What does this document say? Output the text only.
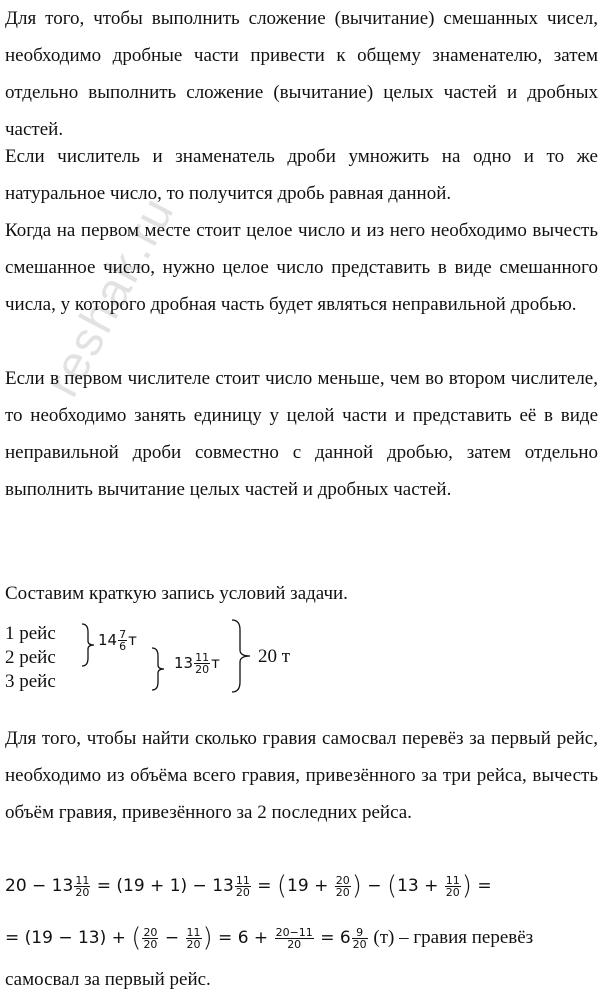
reshak.ru

Для того, чтобы выполнить сложение (вычитание) смешанных чисел, необходимо дробные части привести к общему знаменателю, затем отдельно выполнить сложение (вычитание) целых частей и дробных частей.

Если числитель и знаменатель дроби умножить на одно и то же натуральное число, то получится дробь равная данной.

Когда на первом месте стоит целое число и из него необходимо вычесть смешанное число, нужно целое число представить в виде смешанного числа, у которого дробная часть будет являться неправильной дробью.

Если в первом числителе стоит число меньше, чем во втором числителе, то необходимо занять единицу у целой части и представить её в виде неправильной дроби совместно с данной дробью, затем отдельно выполнить вычитание целых частей и дробных частей.

Составим краткую запись условий задачи.

1 рейс
2 рейс
3 рейс
$14 \frac{7}{6}$ т
$13 \frac{11}{20}$ т 20 т

Для того, чтобы найти сколько гравия самосвал перевёз за первый рейс, необходимо из объёма всего гравия, привезённого за три рейса, вычесть объём гравия, привезённого за 2 последних рейса.

$20 - 13 \frac{11}{20} = (19 + 1) - 13 \frac{11}{20} = (19 + \frac{20}{20}$ ) − ($13 + \frac{11}{20}$ ) =
= (19 − 13) + ( $\frac{20}{20} - \frac{11}{20}$ ) = $6 + \frac{20-11}{20} = 6 \frac{9}{20} (т)$ – гравия перевёз

самосвал за первый рейс.
